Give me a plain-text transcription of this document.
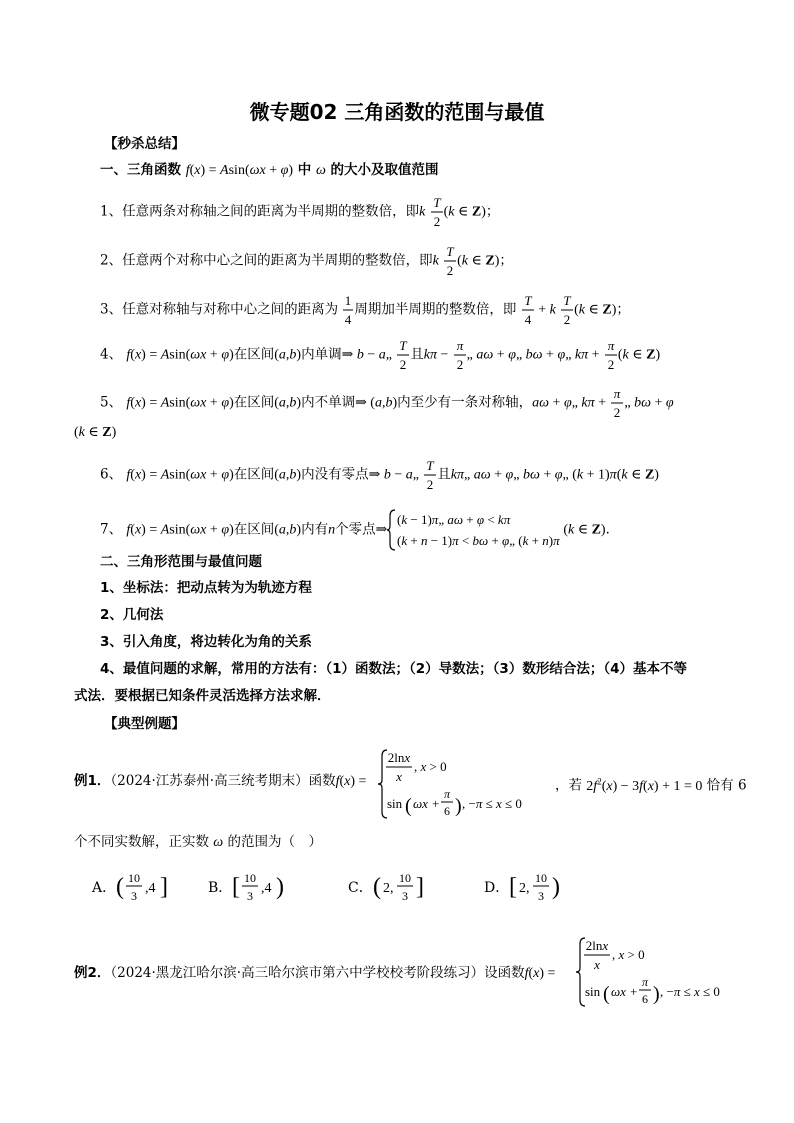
微专题02 三角函数的范围与最值
【秒杀总结】
一、三角函数 f(x) = Asin(ωx + φ) 中 ω 的大小及取值范围
1、任意两条对称轴之间的距离为半周期的整数倍，即k
T
2
(k ∈ Z)；
2、任意两个对称中心之间的距离为半周期的整数倍，即k
T
2
(k ∈ Z)；
3、任意对称轴与对称中心之间的距离为
1
4
周期加半周期的整数倍，即
T
4
+ k
T
2
(k ∈ Z)；
4、 f(x) = Asin(ωx + φ)在区间(a,b)内单调⇒ b − a„
T
2
且kπ −
π
2
„ aω + φ„ bω + φ„ kπ +
π
2
(k ∈ Z)
5、 f(x) = Asin(ωx + φ)在区间(a,b)内不单调⇒ (a,b)内至少有一条对称轴，aω + φ„ kπ +
π
2
„ bω + φ
(k ∈ Z)
6、 f(x) = Asin(ωx + φ)在区间(a,b)内没有零点⇒ b − a„
T
2
且kπ„ aω + φ„ bω + φ„ (k + 1)π(k ∈ Z)
7、 f(x) = Asin(ωx + φ)在区间(a,b)内有n个零点⇒
(k − 1)π„ aω + φ < kπ
(k + n − 1)π < bω + φ„ (k + n)π
(k ∈ Z)．
二、三角形范围与最值问题
1、坐标法：把动点转为为轨迹方程
2、几何法
3、引入角度，将边转化为角的关系
4、最值问题的求解，常用的方法有：（1）函数法；（2）导数法；（3）数形结合法；（4）基本不等
式法．要根据已知条件灵活选择方法求解．
【典型例题】
例1．（2024·江苏泰州·高三统考期末）函数f(x) =
2lnx
x
, x > 0
sin ( ωx +
π
6 ) , −π ≤ x ≤ 0
，若 $2f^2(x) - 3f(x) + 1 = 0$ 恰有 6
个不同实数解，正实数 ω 的范围为（　）
A． ( 10
3 ,4 ]	B． [ 10
3 ,4 )	C． ( 2,
10
3 ]	D． [ 2,
10
3 )
例2．（2024·黑龙江哈尔滨·高三哈尔滨市第六中学校校考阶段练习）设函数f(x) =
2lnx
x
, x > 0
sin ( ωx +
π
6 ) , −π ≤ x ≤ 0
